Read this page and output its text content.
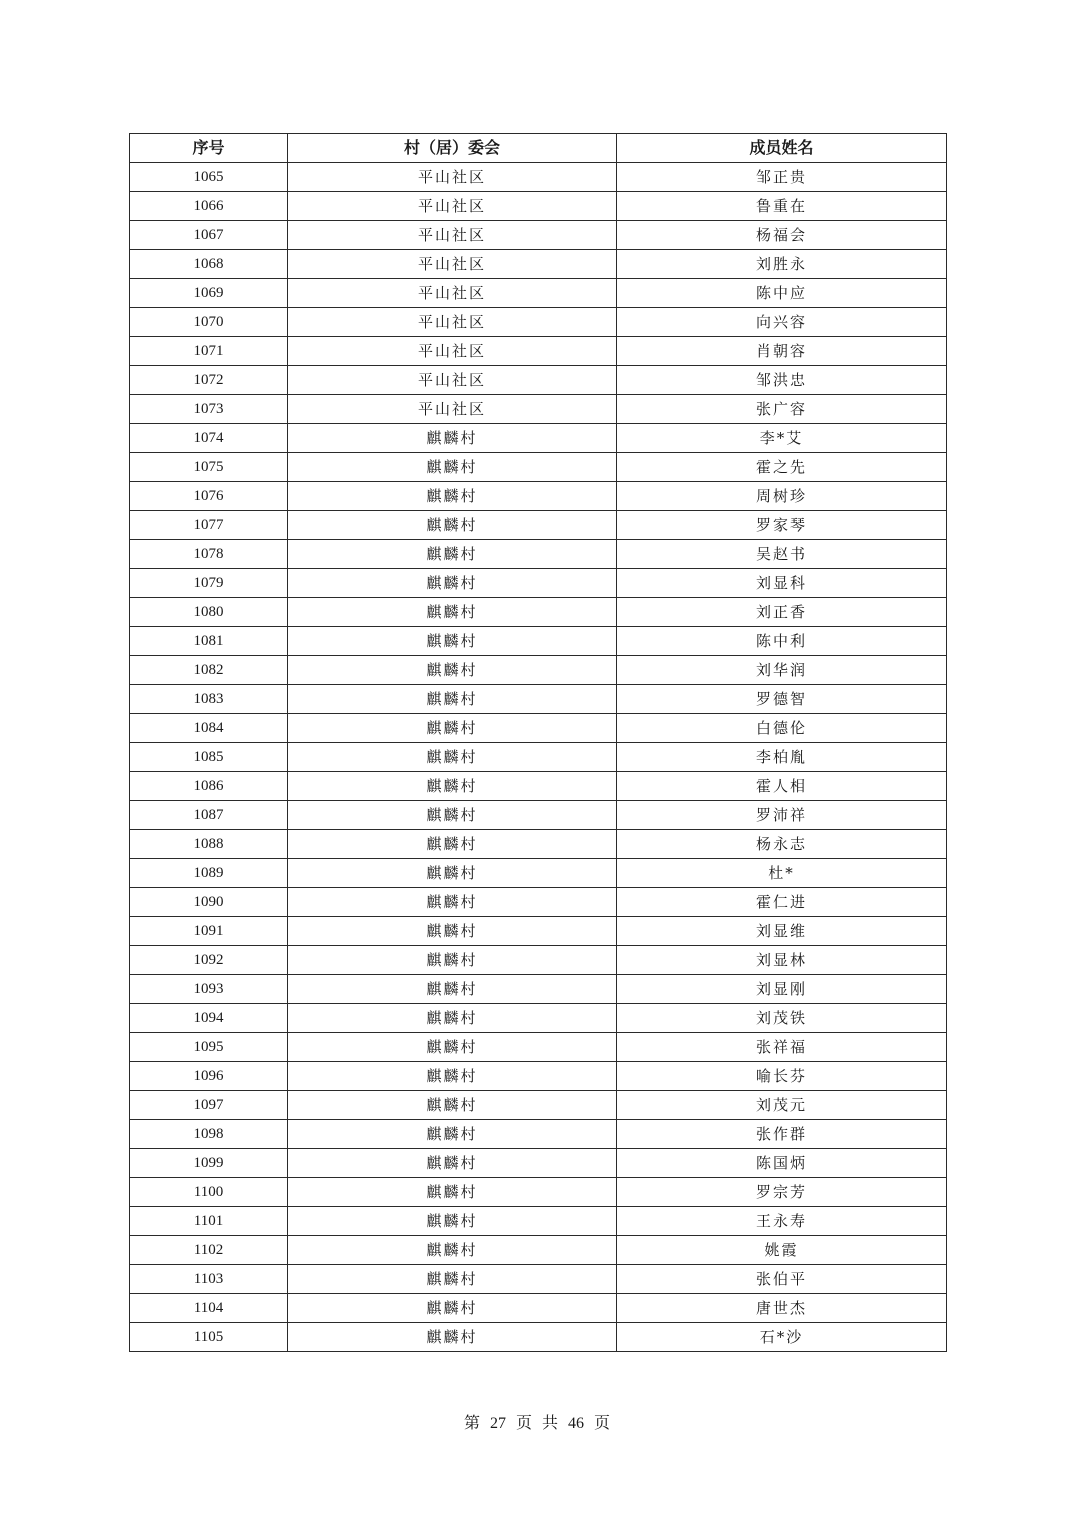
序号	村（居）委会	成员姓名
1065	平山社区	邹正贵
1066	平山社区	鲁重在
1067	平山社区	杨福会
1068	平山社区	刘胜永
1069	平山社区	陈中应
1070	平山社区	向兴容
1071	平山社区	肖朝容
1072	平山社区	邹洪忠
1073	平山社区	张广容
1074	麒麟村	李*艾
1075	麒麟村	霍之先
1076	麒麟村	周树珍
1077	麒麟村	罗家琴
1078	麒麟村	吴赵书
1079	麒麟村	刘显科
1080	麒麟村	刘正香
1081	麒麟村	陈中利
1082	麒麟村	刘华润
1083	麒麟村	罗德智
1084	麒麟村	白德伦
1085	麒麟村	李柏胤
1086	麒麟村	霍人相
1087	麒麟村	罗沛祥
1088	麒麟村	杨永志
1089	麒麟村	杜*
1090	麒麟村	霍仁进
1091	麒麟村	刘显维
1092	麒麟村	刘显林
1093	麒麟村	刘显刚
1094	麒麟村	刘茂铁
1095	麒麟村	张祥福
1096	麒麟村	喻长芬
1097	麒麟村	刘茂元
1098	麒麟村	张作群
1099	麒麟村	陈国炳
1100	麒麟村	罗宗芳
1101	麒麟村	王永寿
1102	麒麟村	姚霞
1103	麒麟村	张伯平
1104	麒麟村	唐世杰
1105	麒麟村	石*沙
第 27 页 共 46 页
